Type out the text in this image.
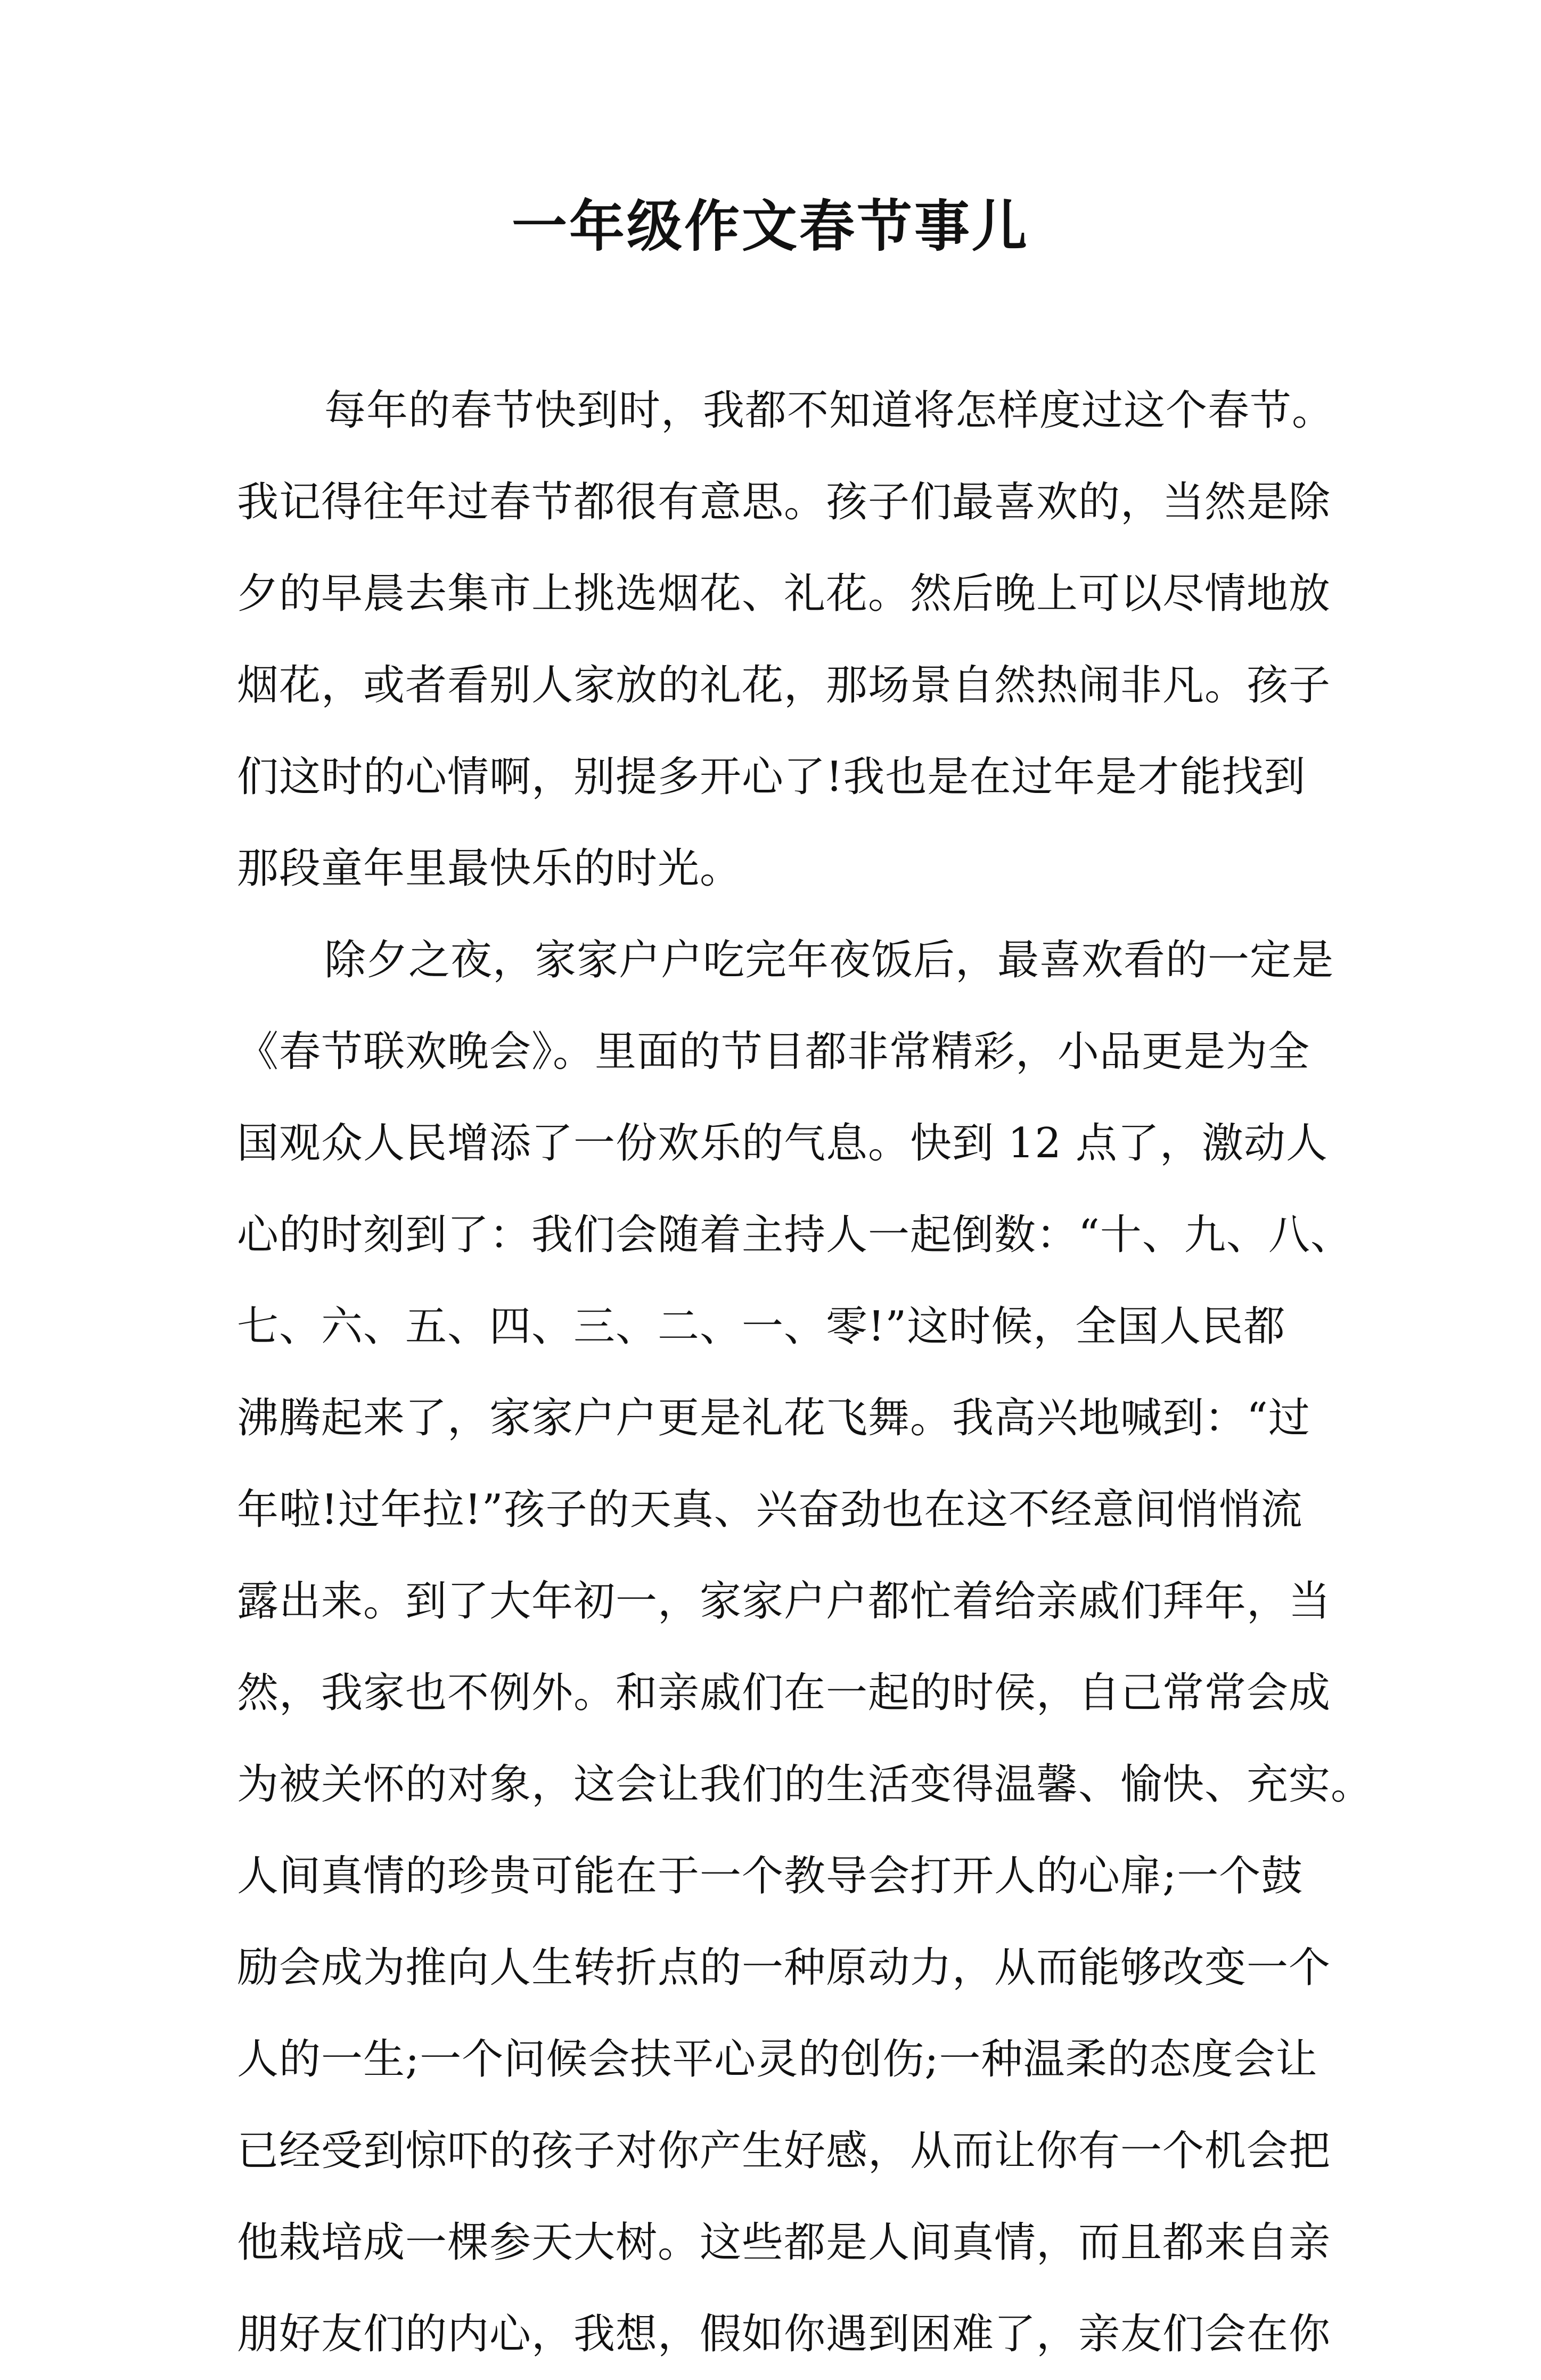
一年级作文春节事儿
每年的春节快到时，我都不知道将怎样度过这个春节。
我记得往年过春节都很有意思。孩子们最喜欢的，当然是除
夕的早晨去集市上挑选烟花、礼花。然后晚上可以尽情地放
烟花，或者看别人家放的礼花，那场景自然热闹非凡。孩子
们这时的心情啊，别提多开心了!我也是在过年是才能找到
那段童年里最快乐的时光。
除夕之夜，家家户户吃完年夜饭后，最喜欢看的一定是
《春节联欢晚会》。里面的节目都非常精彩，小品更是为全
国观众人民增添了一份欢乐的气息。快到 12 点了，激动人
心的时刻到了：我们会随着主持人一起倒数：“十、九、八、
七、六、五、四、三、二、一、零!”这时候，全国人民都
沸腾起来了，家家户户更是礼花飞舞。我高兴地喊到：“过
年啦!过年拉!”孩子的天真、兴奋劲也在这不经意间悄悄流
露出来。到了大年初一，家家户户都忙着给亲戚们拜年，当
然，我家也不例外。和亲戚们在一起的时侯，自己常常会成
为被关怀的对象，这会让我们的生活变得温馨、愉快、充实。
人间真情的珍贵可能在于一个教导会打开人的心扉;一个鼓
励会成为推向人生转折点的一种原动力，从而能够改变一个
人的一生;一个问候会扶平心灵的创伤;一种温柔的态度会让
已经受到惊吓的孩子对你产生好感，从而让你有一个机会把
他栽培成一棵参天大树。这些都是人间真情，而且都来自亲
朋好友们的内心，我想，假如你遇到困难了，亲友们会在你
